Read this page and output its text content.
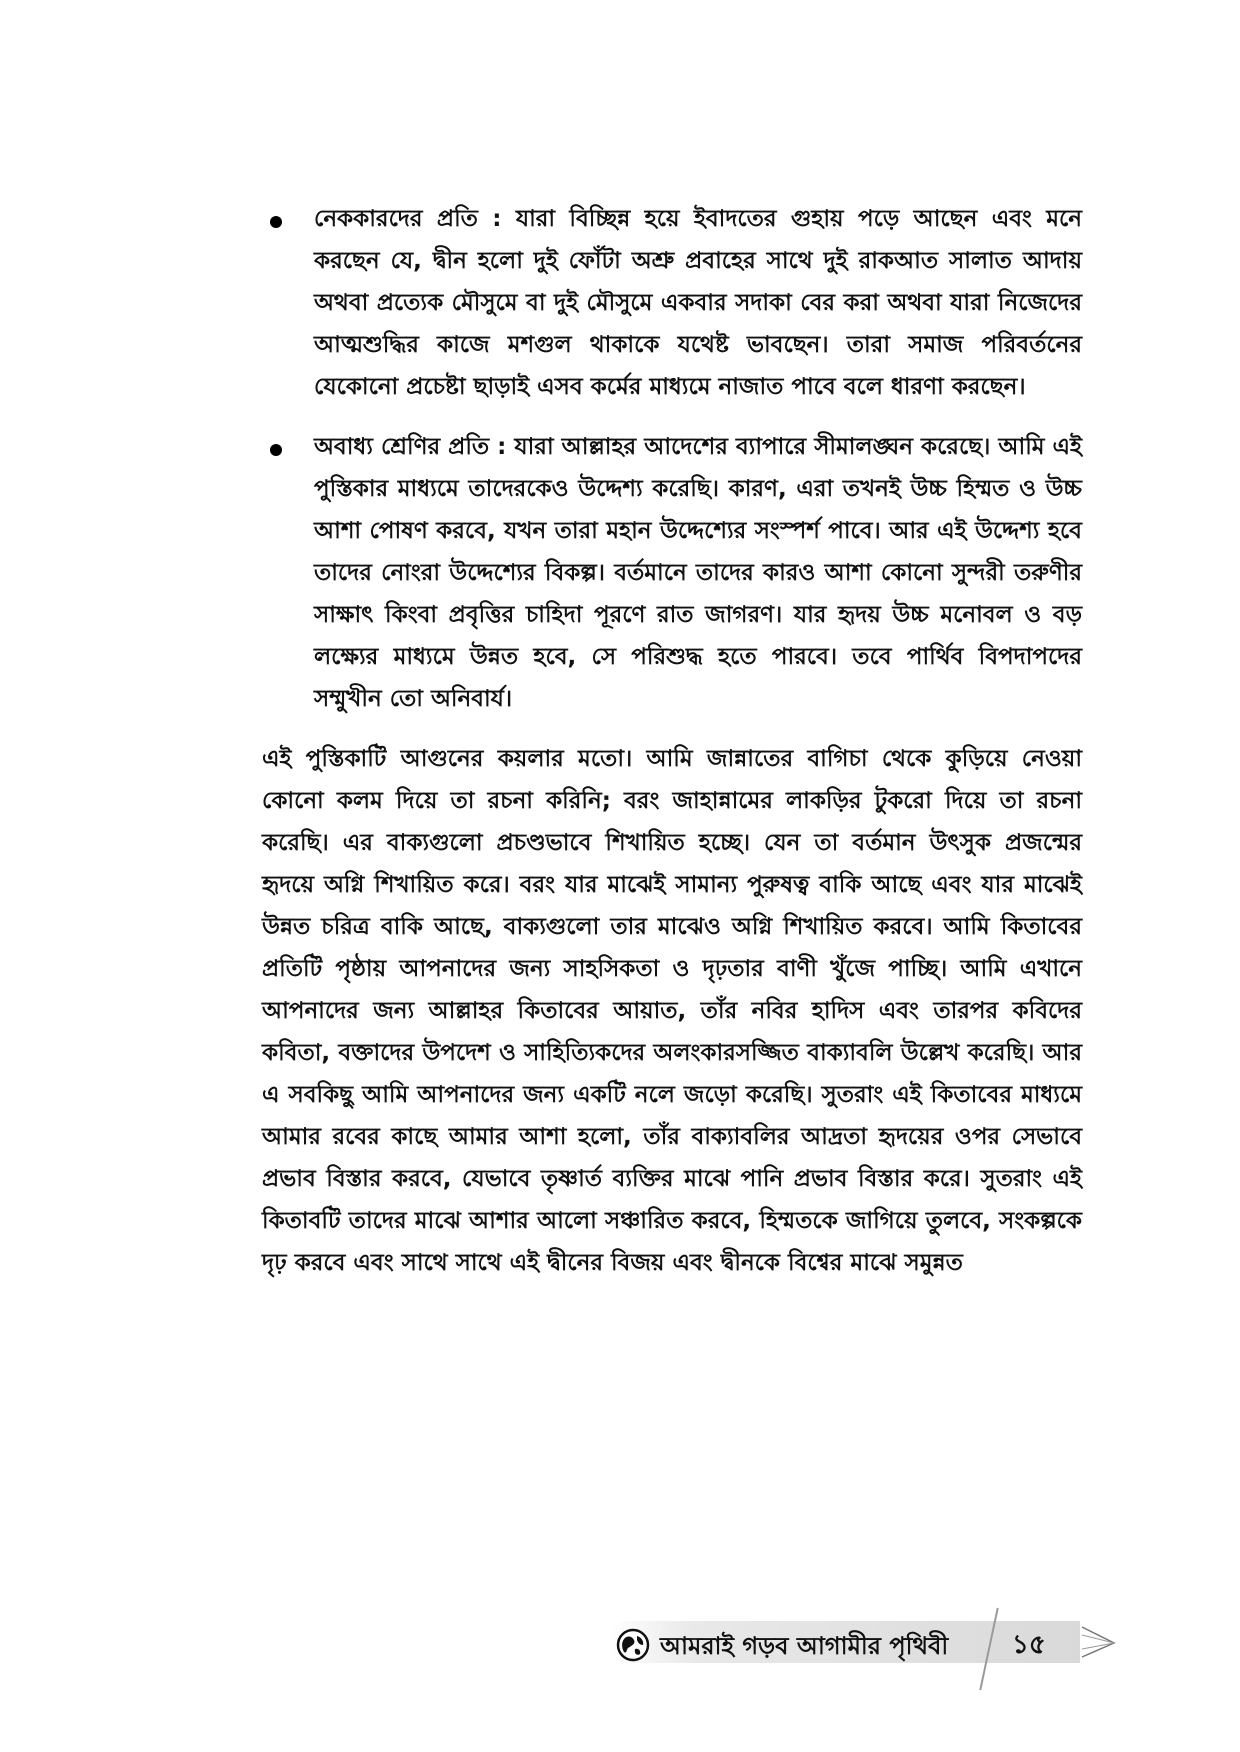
নেককারদের প্রতি : যারা বিচ্ছিন্ন হয়ে ইবাদতের গুহায় পড়ে আছেন এবং মনে করছেন যে, দ্বীন হলো দুই ফোঁটা অশ্রু প্রবাহের সাথে দুই রাকআত সালাত আদায় অথবা প্রত্যেক মৌসুমে বা দুই মৌসুমে একবার সদাকা বের করা অথবা যারা নিজেদের আত্মশুদ্ধির কাজে মশগুল থাকাকে যথেষ্ট ভাবছেন। তারা সমাজ পরিবর্তনের যেকোনো প্রচেষ্টা ছাড়াই এসব কর্মের মাধ্যমে নাজাত পাবে বলে ধারণা করছেন।

অবাধ্য শ্রেণির প্রতি : যারা আল্লাহর আদেশের ব্যাপারে সীমালঙ্ঘন করেছে। আমি এই পুস্তিকার মাধ্যমে তাদেরকেও উদ্দেশ্য করেছি। কারণ, এরা তখনই উচ্চ হিম্মত ও উচ্চ আশা পোষণ করবে, যখন তারা মহান উদ্দেশ্যের সংস্পর্শ পাবে। আর এই উদ্দেশ্য হবে তাদের নোংরা উদ্দেশ্যের বিকল্প। বর্তমানে তাদের কারও আশা কোনো সুন্দরী তরুণীর সাক্ষাৎ কিংবা প্রবৃত্তির চাহিদা পূরণে রাত জাগরণ। যার হৃদয় উচ্চ মনোবল ও বড় লক্ষ্যের মাধ্যমে উন্নত হবে, সে পরিশুদ্ধ হতে পারবে। তবে পার্থিব বিপদাপদের সম্মুখীন তো অনিবার্য।

এই পুস্তিকাটি আগুনের কয়লার মতো। আমি জান্নাতের বাগিচা থেকে কুড়িয়ে নেওয়া কোনো কলম দিয়ে তা রচনা করিনি; বরং জাহান্নামের লাকড়ির টুকরো দিয়ে তা রচনা করেছি। এর বাক্যগুলো প্রচণ্ডভাবে শিখায়িত হচ্ছে। যেন তা বর্তমান উৎসুক প্রজন্মের হৃদয়ে অগ্নি শিখায়িত করে। বরং যার মাঝেই সামান্য পুরুষত্ব বাকি আছে এবং যার মাঝেই উন্নত চরিত্র বাকি আছে, বাক্যগুলো তার মাঝেও অগ্নি শিখায়িত করবে। আমি কিতাবের প্রতিটি পৃষ্ঠায় আপনাদের জন্য সাহসিকতা ও দৃঢ়তার বাণী খুঁজে পাচ্ছি। আমি এখানে আপনাদের জন্য আল্লাহর কিতাবের আয়াত, তাঁর নবির হাদিস এবং তারপর কবিদের কবিতা, বক্তাদের উপদেশ ও সাহিত্যিকদের অলংকারসজ্জিত বাক্যাবলি উল্লেখ করেছি। আর এ সবকিছু আমি আপনাদের জন্য একটি নলে জড়ো করেছি। সুতরাং এই কিতাবের মাধ্যমে আমার রবের কাছে আমার আশা হলো, তাঁর বাক্যাবলির আদ্রতা হৃদয়ের ওপর সেভাবে প্রভাব বিস্তার করবে, যেভাবে তৃষ্ণার্ত ব্যক্তির মাঝে পানি প্রভাব বিস্তার করে। সুতরাং এই কিতাবটি তাদের মাঝে আশার আলো সঞ্চারিত করবে, হিম্মতকে জাগিয়ে তুলবে, সংকল্পকে দৃঢ় করবে এবং সাথে সাথে এই দ্বীনের বিজয় এবং দ্বীনকে বিশ্বের মাঝে সমুন্নত

আমরাই গড়ব আগামীর পৃথিবী ১৫
